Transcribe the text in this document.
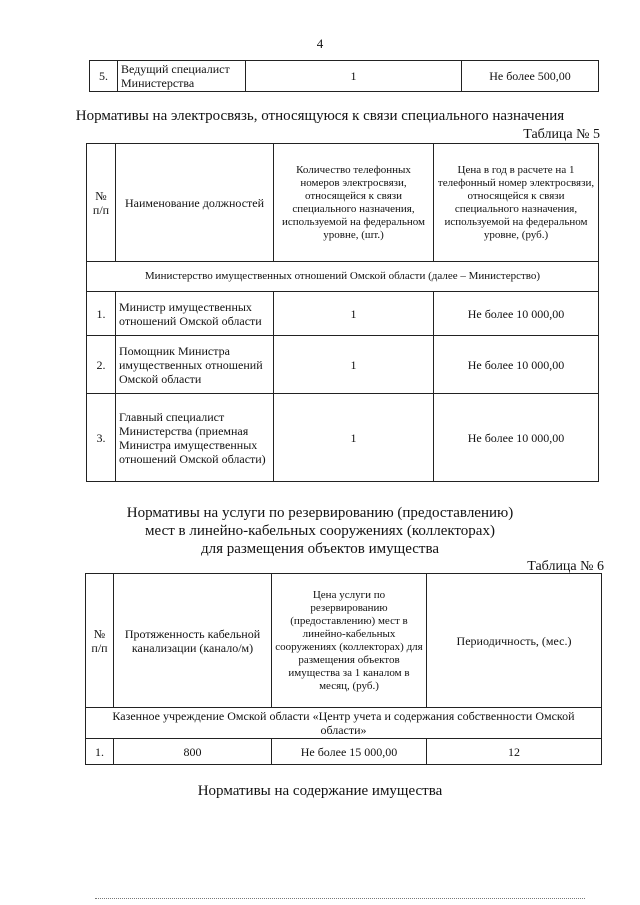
4
5.	Ведущий специалист Министерства	1	Не более 500,00
Нормативы на электросвязь, относящуюся к связи специального назначения
Таблица № 5
№ п/п	Наименование должностей	Количество телефонных номеров электросвязи, относящейся к связи специального назначения, используемой на федеральном уровне, (шт.)	Цена в год в расчете на 1 телефонный номер электросвязи, относящейся к связи специального назначения, используемой на федеральном уровне, (руб.)
Министерство имущественных отношений Омской области (далее – Министерство)			
1.	Министр имущественных отношений Омской области	1	Не более 10 000,00
2.	Помощник Министра имущественных отношений Омской области	1	Не более 10 000,00
3.	Главный специалист Министерства (приемная Министра имущественных отношений Омской области)	1	Не более 10 000,00
Нормативы на услуги по резервированию (предоставлению)
мест в линейно-кабельных сооружениях (коллекторах)
для размещения объектов имущества
Таблица № 6
№ п/п	Протяженность кабельной канализации (канало/м)	Цена услуги по резервированию (предоставлению) мест в линейно-кабельных сооружениях (коллекторах) для размещения объектов имущества за 1 каналом в месяц, (руб.)	Периодичность, (мес.)
Казенное учреждение Омской области «Центр учета и содержания собственности Омской области»			
1.	800	Не более 15 000,00	12
Нормативы на содержание имущества
